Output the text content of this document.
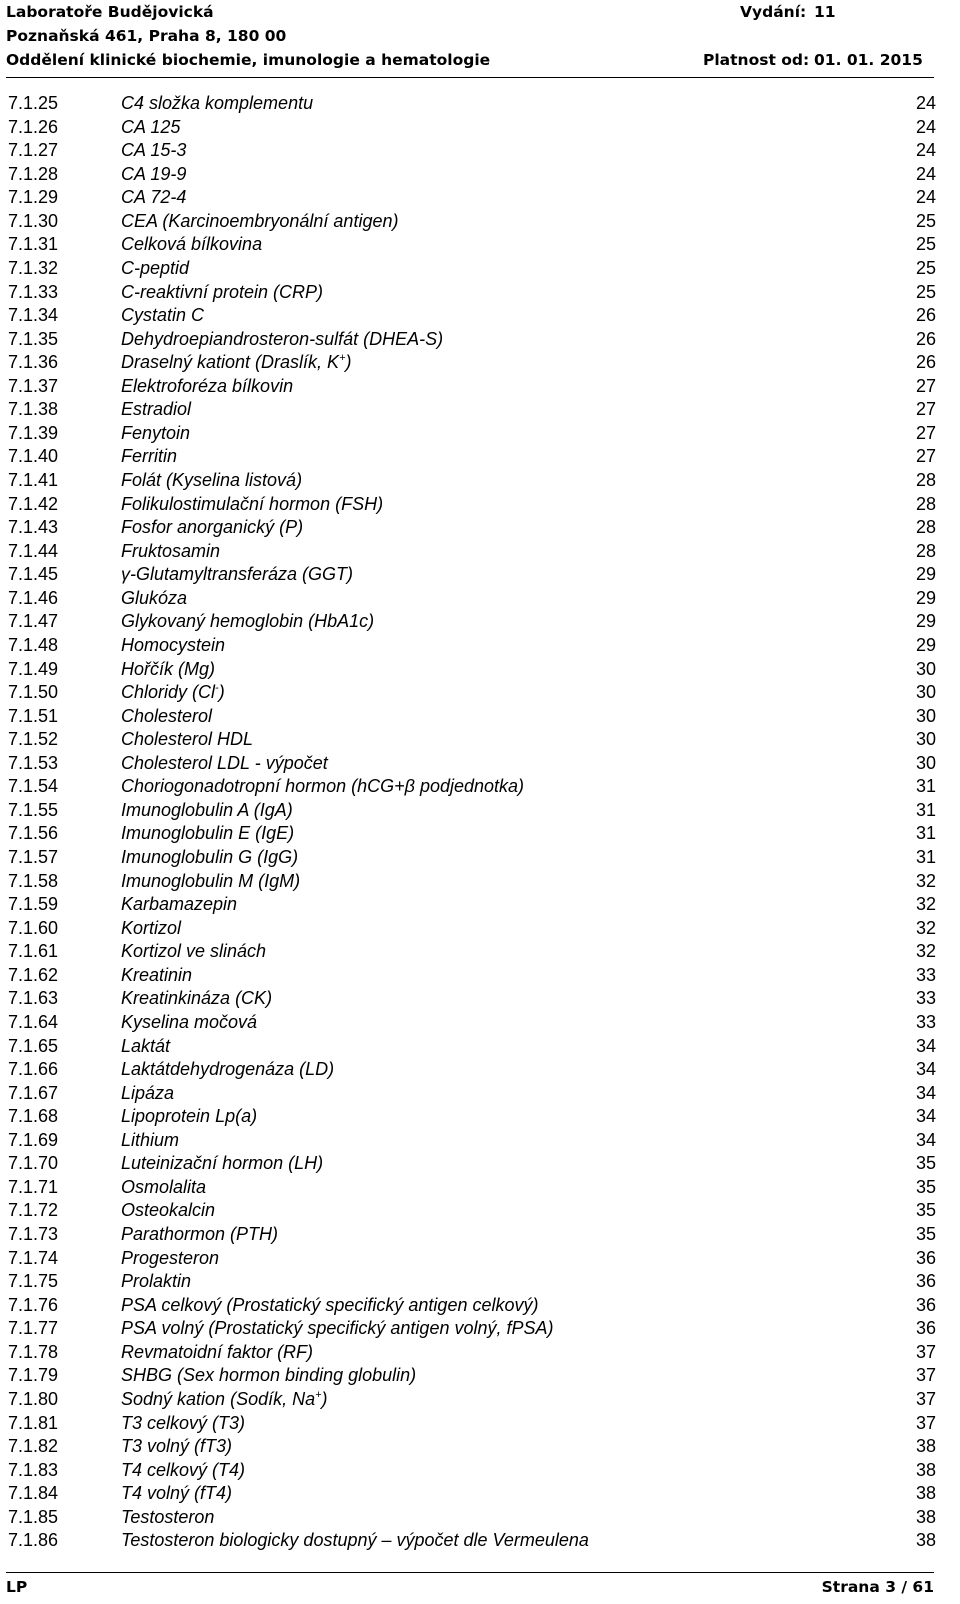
Laboratoře Budějovická	Vydání: 11
Poznaňská 461, Praha 8, 180 00
Oddělení klinické biochemie, imunologie a hematologie	Platnost od: 01. 01. 2015
7.1.25	C4 složka komplementu	24
7.1.26	CA 125	24
7.1.27	CA 15-3	24
7.1.28	CA 19-9	24
7.1.29	CA 72-4	24
7.1.30	CEA (Karcinoembryonální antigen)	25
7.1.31	Celková bílkovina	25
7.1.32	C-peptid	25
7.1.33	C-reaktivní protein (CRP)	25
7.1.34	Cystatin C	26
7.1.35	Dehydroepiandrosteron-sulfát (DHEA-S)	26
7.1.36	Draselný kationt (Draslík, K+)	26
7.1.37	Elektroforéza bílkovin	27
7.1.38	Estradiol	27
7.1.39	Fenytoin	27
7.1.40	Ferritin	27
7.1.41	Folát (Kyselina listová)	28
7.1.42	Folikulostimulační hormon (FSH)	28
7.1.43	Fosfor anorganický (P)	28
7.1.44	Fruktosamin	28
7.1.45	γ-Glutamyltransferáza (GGT)	29
7.1.46	Glukóza	29
7.1.47	Glykovaný hemoglobin (HbA1c)	29
7.1.48	Homocystein	29
7.1.49	Hořčík (Mg)	30
7.1.50	Chloridy (Cl-)	30
7.1.51	Cholesterol	30
7.1.52	Cholesterol HDL	30
7.1.53	Cholesterol LDL - výpočet	30
7.1.54	Choriogonadotropní hormon (hCG+β podjednotka)	31
7.1.55	Imunoglobulin A (IgA)	31
7.1.56	Imunoglobulin E (IgE)	31
7.1.57	Imunoglobulin G (IgG)	31
7.1.58	Imunoglobulin M (IgM)	32
7.1.59	Karbamazepin	32
7.1.60	Kortizol	32
7.1.61	Kortizol ve slinách	32
7.1.62	Kreatinin	33
7.1.63	Kreatinkináza (CK)	33
7.1.64	Kyselina močová	33
7.1.65	Laktát	34
7.1.66	Laktátdehydrogenáza (LD)	34
7.1.67	Lipáza	34
7.1.68	Lipoprotein Lp(a)	34
7.1.69	Lithium	34
7.1.70	Luteinizační hormon (LH)	35
7.1.71	Osmolalita	35
7.1.72	Osteokalcin	35
7.1.73	Parathormon (PTH)	35
7.1.74	Progesteron	36
7.1.75	Prolaktin	36
7.1.76	PSA celkový (Prostatický specifický antigen celkový)	36
7.1.77	PSA volný (Prostatický specifický antigen volný, fPSA)	36
7.1.78	Revmatoidní faktor (RF)	37
7.1.79	SHBG (Sex hormon binding globulin)	37
7.1.80	Sodný kation (Sodík, Na+)	37
7.1.81	T3 celkový (T3)	37
7.1.82	T3 volný (fT3)	38
7.1.83	T4 celkový (T4)	38
7.1.84	T4 volný (fT4)	38
7.1.85	Testosteron	38
7.1.86	Testosteron biologicky dostupný – výpočet dle Vermeulena	38
LP	Strana 3 / 61
